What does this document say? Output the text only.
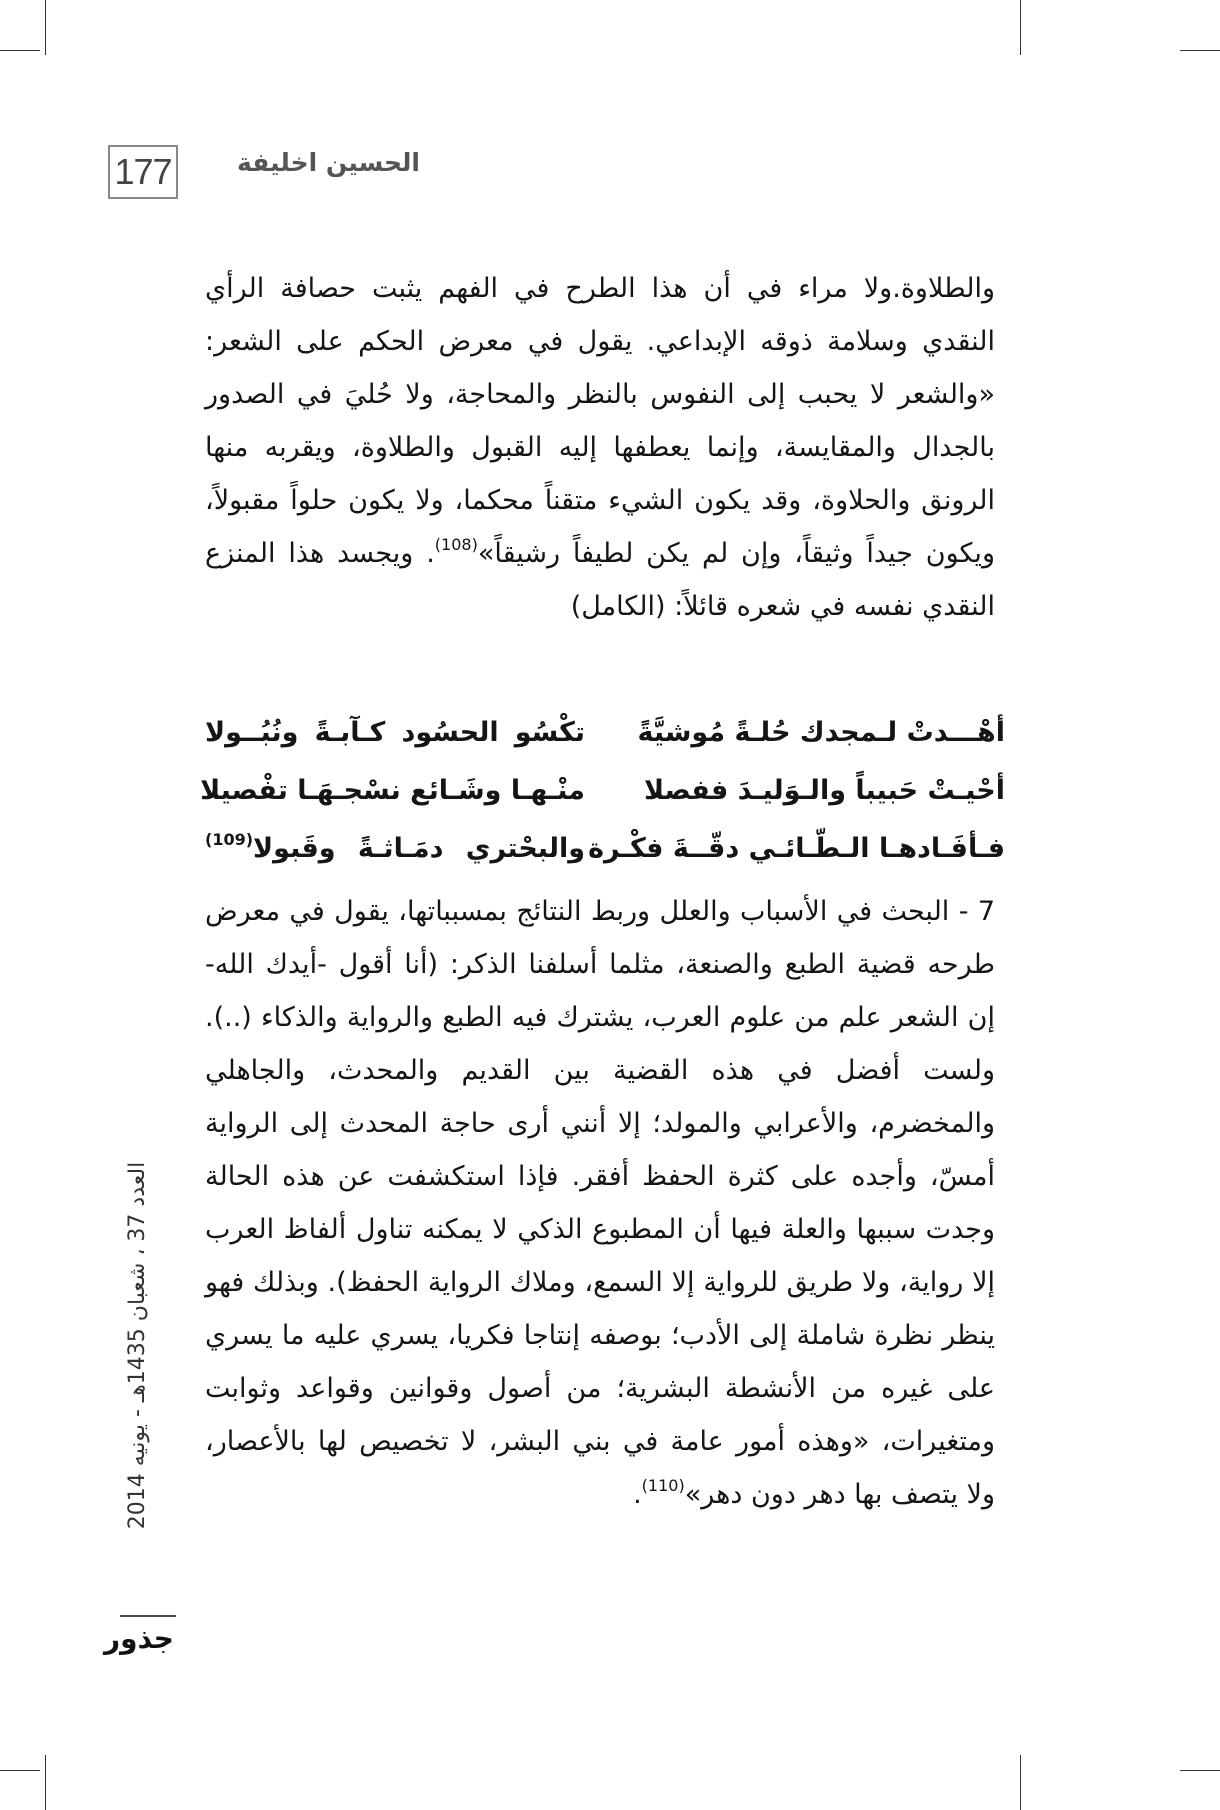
177	الحسين اخليفة

والطلاوة.ولا مراء في أن هذا الطرح في الفهم يثبت حصافة الرأي النقدي وسلامة ذوقه الإبداعي. يقول في معرض الحكم على الشعر: «والشعر لا يحبب إلى النفوس بالنظر والمحاجة، ولا حُليَ في الصدور بالجدال والمقايسة، وإنما يعطفها إليه القبول والطلاوة، ويقربه منها الرونق والحلاوة، وقد يكون الشيء متقناً محكما، ولا يكون حلواً مقبولاً، ويكون جيداً وثيقاً، وإن لم يكن لطيفاً رشيقاً»$^{(108)}$. ويجسد هذا المنزع النقدي نفسه في شعره قائلاً: (الكامل)

أهْـــدتْ لـمجدك حُلـةً مُوشيَّةً
تكْسُو الحسُود كـآبـةً ونُبُــولا
أحْيـتْ حَبيباً والـوَليـدَ ففصلا
منْـهـا وشَـائع نسْجـهَـا تفْصيلا
فـأفَـادهـا الـطّـائـي دقّــةَ فكْـرة
والبحْتري دمَـاثـةً وقَبولا$^{(109)}$

7 - البحث في الأسباب والعلل وربط النتائج بمسبباتها، يقول في معرض طرحه قضية الطبع والصنعة، مثلما أسلفنا الذكر: (أنا أقول -أيدك الله- إن الشعر علم من علوم العرب، يشترك فيه الطبع والرواية والذكاء (..). ولست أفضل في هذه القضية بين القديم والمحدث، والجاهلي والمخضرم، والأعرابي والمولد؛ إلا أنني أرى حاجة المحدث إلى الرواية أمسّ، وأجده على كثرة الحفظ أفقر. فإذا استكشفت عن هذه الحالة وجدت سببها والعلة فيها أن المطبوع الذكي لا يمكنه تناول ألفاظ العرب إلا رواية، ولا طريق للرواية إلا السمع، وملاك الرواية الحفظ). وبذلك فهو ينظر نظرة شاملة إلى الأدب؛ بوصفه إنتاجا فكريا، يسري عليه ما يسري على غيره من الأنشطة البشرية؛ من أصول وقوانين وقواعد وثوابت ومتغيرات، «وهذه أمور عامة في بني البشر، لا تخصيص لها بالأعصار، ولا يتصف بها دهر دون دهر»$^{(110)}$.

العدد 37 ، شعبان 1435هـ - يونيه 2014
جذور
